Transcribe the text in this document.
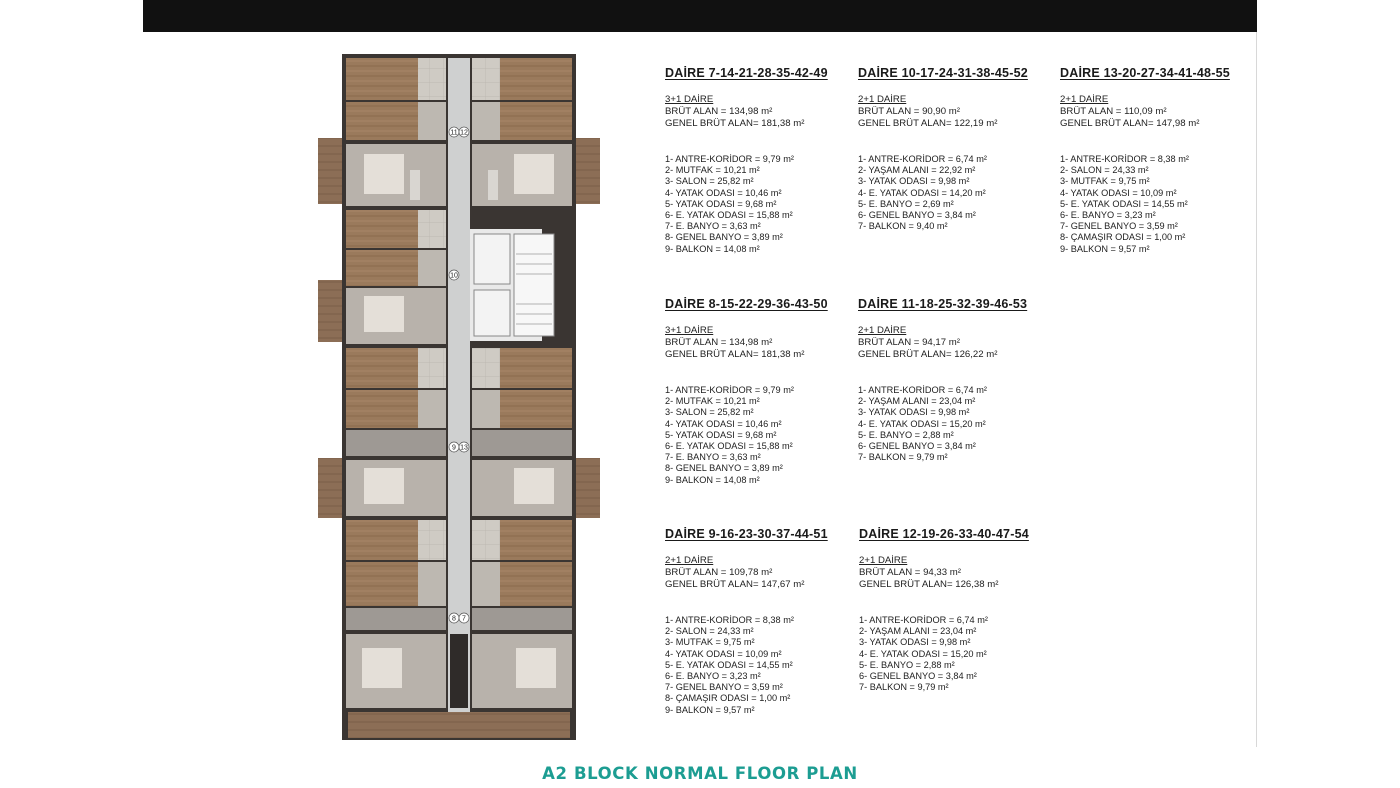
11 12
10
9 13
8 7
DAİRE 7-14-21-28-35-42-49
3+1 DAİRE
BRÜT ALAN = 134,98 m²
GENEL BRÜT ALAN= 181,38 m²
1- ANTRE-KORİDOR = 9,79 m²
2- MUTFAK = 10,21 m²
3- SALON = 25,82 m²
4- YATAK ODASI = 10,46 m²
5- YATAK ODASI = 9,68 m²
6- E. YATAK ODASI = 15,88 m²
7- E. BANYO = 3,63 m²
8- GENEL BANYO = 3,89 m²
9- BALKON = 14,08 m²
DAİRE 10-17-24-31-38-45-52
2+1 DAİRE
BRÜT ALAN = 90,90 m²
GENEL BRÜT ALAN= 122,19 m²
1- ANTRE-KORİDOR = 6,74 m²
2- YAŞAM ALANI = 22,92 m²
3- YATAK ODASI = 9,98 m²
4- E. YATAK ODASI = 14,20 m²
5- E. BANYO = 2,69 m²
6- GENEL BANYO = 3,84 m²
7- BALKON = 9,40 m²
DAİRE 13-20-27-34-41-48-55
2+1 DAİRE
BRÜT ALAN = 110,09 m²
GENEL BRÜT ALAN= 147,98 m²
1- ANTRE-KORİDOR = 8,38 m²
2- SALON = 24,33 m²
3- MUTFAK = 9,75 m²
4- YATAK ODASI = 10,09 m²
5- E. YATAK ODASI = 14,55 m²
6- E. BANYO = 3,23 m²
7- GENEL BANYO = 3,59 m²
8- ÇAMAŞIR ODASI = 1,00 m²
9- BALKON = 9,57 m²
DAİRE 8-15-22-29-36-43-50
3+1 DAİRE
BRÜT ALAN = 134,98 m²
GENEL BRÜT ALAN= 181,38 m²
1- ANTRE-KORİDOR = 9,79 m²
2- MUTFAK = 10,21 m²
3- SALON = 25,82 m²
4- YATAK ODASI = 10,46 m²
5- YATAK ODASI = 9,68 m²
6- E. YATAK ODASI = 15,88 m²
7- E. BANYO = 3,63 m²
8- GENEL BANYO = 3,89 m²
9- BALKON = 14,08 m²
DAİRE 11-18-25-32-39-46-53
2+1 DAİRE
BRÜT ALAN = 94,17 m²
GENEL BRÜT ALAN= 126,22 m²
1- ANTRE-KORİDOR = 6,74 m²
2- YAŞAM ALANI = 23,04 m²
3- YATAK ODASI = 9,98 m²
4- E. YATAK ODASI = 15,20 m²
5- E. BANYO = 2,88 m²
6- GENEL BANYO = 3,84 m²
7- BALKON = 9,79 m²
DAİRE 9-16-23-30-37-44-51
2+1 DAİRE
BRÜT ALAN = 109,78 m²
GENEL BRÜT ALAN= 147,67 m²
1- ANTRE-KORİDOR = 8,38 m²
2- SALON = 24,33 m²
3- MUTFAK = 9,75 m²
4- YATAK ODASI = 10,09 m²
5- E. YATAK ODASI = 14,55 m²
6- E. BANYO = 3,23 m²
7- GENEL BANYO = 3,59 m²
8- ÇAMAŞIR ODASI = 1,00 m²
9- BALKON = 9,57 m²
DAİRE 12-19-26-33-40-47-54
2+1 DAİRE
BRÜT ALAN = 94,33 m²
GENEL BRÜT ALAN= 126,38 m²
1- ANTRE-KORİDOR = 6,74 m²
2- YAŞAM ALANI = 23,04 m²
3- YATAK ODASI = 9,98 m²
4- E. YATAK ODASI = 15,20 m²
5- E. BANYO = 2,88 m²
6- GENEL BANYO = 3,84 m²
7- BALKON = 9,79 m²
A2 BLOCK NORMAL FLOOR PLAN
